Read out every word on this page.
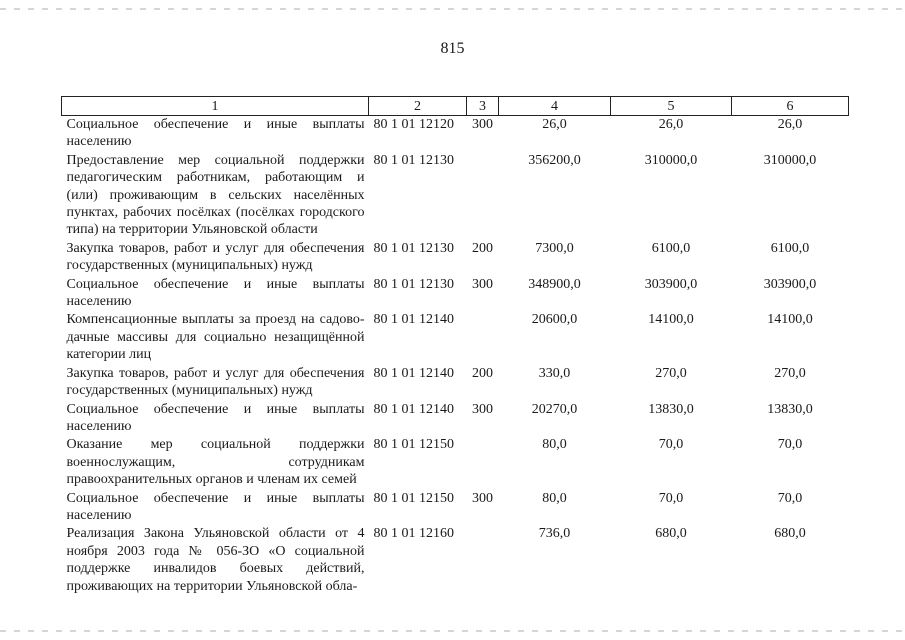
815
1	2	3	4	5	6
Социальное обеспечение и иные выплаты населению	80 1 01 12120	300	26,0	26,0	26,0
Предоставление мер социальной поддержки педагогическим работникам, работающим и (или) проживающим в сельских населённых пунктах, рабочих посёлках (посёлках городского типа) на территории Ульяновской области	80 1 01 12130		356200,0	310000,0	310000,0
Закупка товаров, работ и услуг для обеспечения государственных (муниципальных) нужд	80 1 01 12130	200	7300,0	6100,0	6100,0
Социальное обеспечение и иные выплаты населению	80 1 01 12130	300	348900,0	303900,0	303900,0
Компенсационные выплаты за проезд на садово-дачные массивы для социально незащищённой категории лиц	80 1 01 12140		20600,0	14100,0	14100,0
Закупка товаров, работ и услуг для обеспечения государственных (муниципальных) нужд	80 1 01 12140	200	330,0	270,0	270,0
Социальное обеспечение и иные выплаты населению	80 1 01 12140	300	20270,0	13830,0	13830,0
Оказание мер социальной поддержки военнослужащим, сотрудникам правоохранительных органов и членам их семей	80 1 01 12150		80,0	70,0	70,0
Социальное обеспечение и иные выплаты населению	80 1 01 12150	300	80,0	70,0	70,0
Реализация Закона Ульяновской области от 4 ноября 2003 года № 056-ЗО «О социальной поддержке инвалидов боевых действий, проживающих на территории Ульяновской обла-	80 1 01 12160		736,0	680,0	680,0
